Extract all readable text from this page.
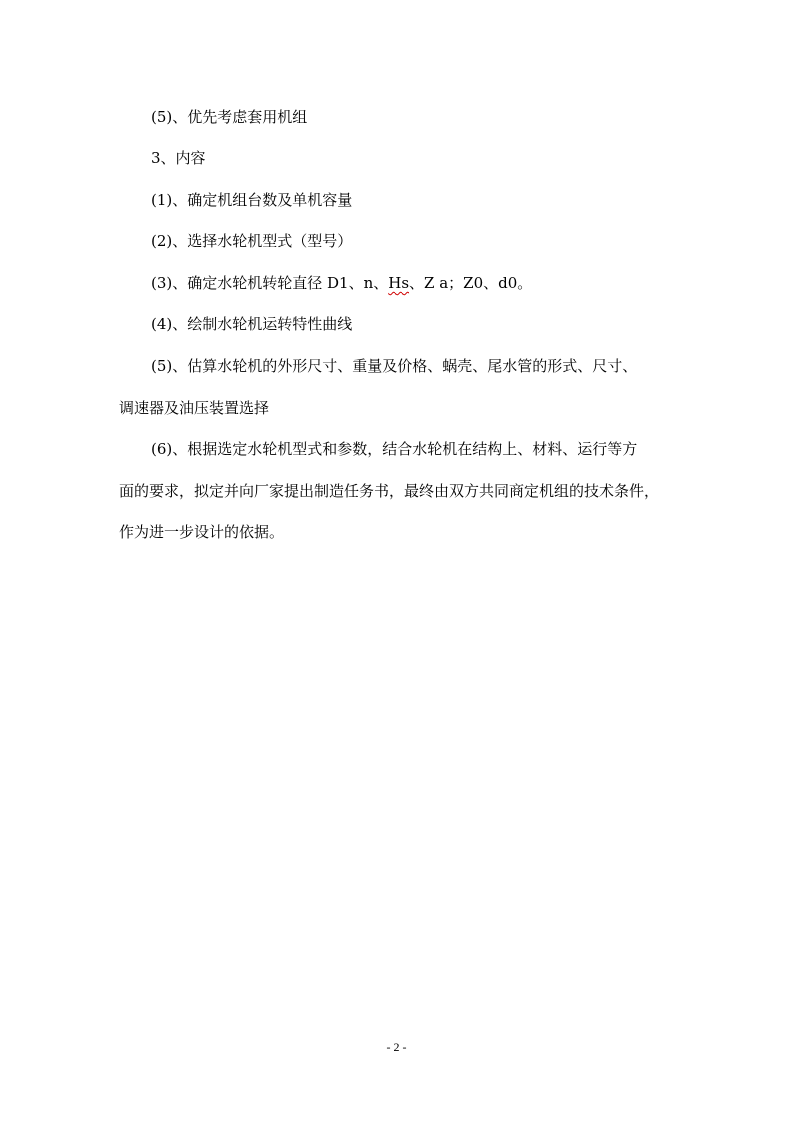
(5)、优先考虑套用机组
3、内容
(1)、确定机组台数及单机容量
(2)、选择水轮机型式（型号）
(3)、确定水轮机转轮直径 D1、n、Hs、Z a；Z0、d0。
(4)、绘制水轮机运转特性曲线
(5)、估算水轮机的外形尺寸、重量及价格、蜗壳、尾水管的形式、尺寸、
调速器及油压装置选择
(6)、根据选定水轮机型式和参数，结合水轮机在结构上、材料、运行等方
面的要求，拟定并向厂家提出制造任务书，最终由双方共同商定机组的技术条件，
作为进一步设计的依据。
- 2 -
